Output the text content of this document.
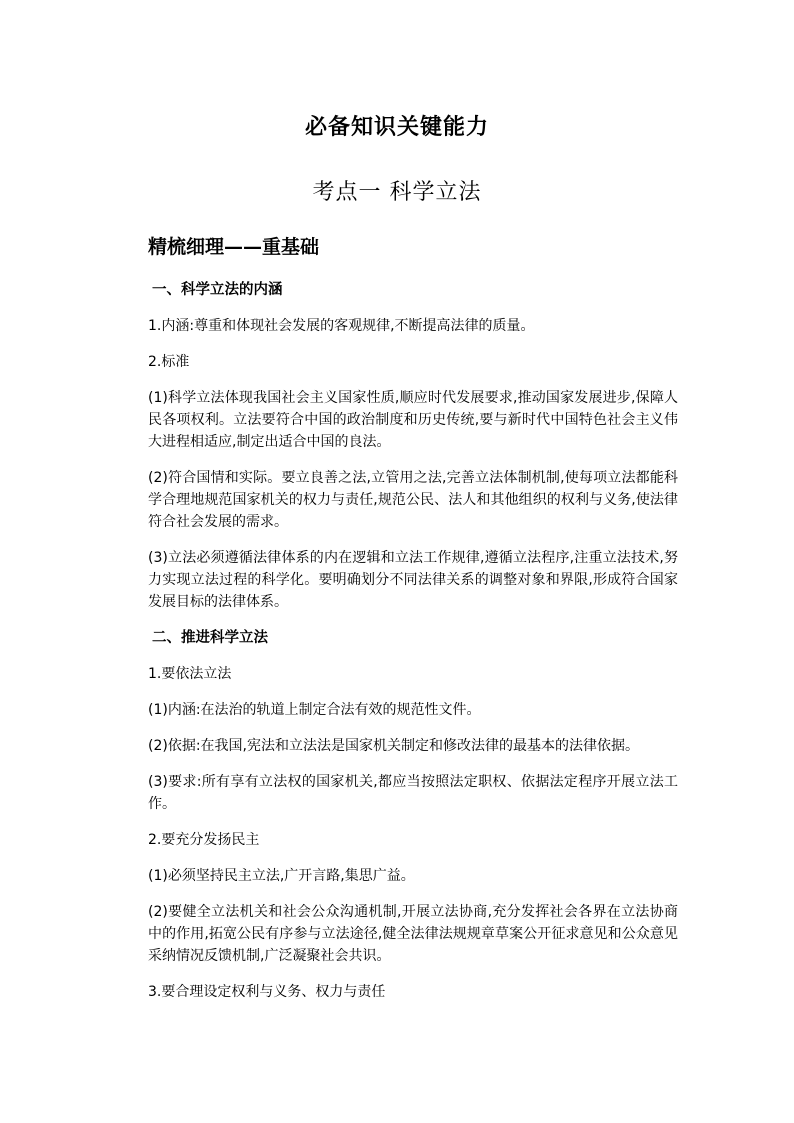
必备知识关键能力
考点一 科学立法
精梳细理——重基础
一、科学立法的内涵
1.内涵:尊重和体现社会发展的客观规律,不断提高法律的质量。
2.标准
(1)科学立法体现我国社会主义国家性质,顺应时代发展要求,推动国家发展进步,保障人民各项权利。立法要符合中国的政治制度和历史传统,要与新时代中国特色社会主义伟大进程相适应,制定出适合中国的良法。
(2)符合国情和实际。要立良善之法,立管用之法,完善立法体制机制,使每项立法都能科学合理地规范国家机关的权力与责任,规范公民、法人和其他组织的权利与义务,使法律符合社会发展的需求。
(3)立法必须遵循法律体系的内在逻辑和立法工作规律,遵循立法程序,注重立法技术,努力实现立法过程的科学化。要明确划分不同法律关系的调整对象和界限,形成符合国家发展目标的法律体系。
二、推进科学立法
1.要依法立法
(1)内涵:在法治的轨道上制定合法有效的规范性文件。
(2)依据:在我国,宪法和立法法是国家机关制定和修改法律的最基本的法律依据。
(3)要求:所有享有立法权的国家机关,都应当按照法定职权、依据法定程序开展立法工作。
2.要充分发扬民主
(1)必须坚持民主立法,广开言路,集思广益。
(2)要健全立法机关和社会公众沟通机制,开展立法协商,充分发挥社会各界在立法协商中的作用,拓宽公民有序参与立法途径,健全法律法规规章草案公开征求意见和公众意见采纳情况反馈机制,广泛凝聚社会共识。
3.要合理设定权利与义务、权力与责任
